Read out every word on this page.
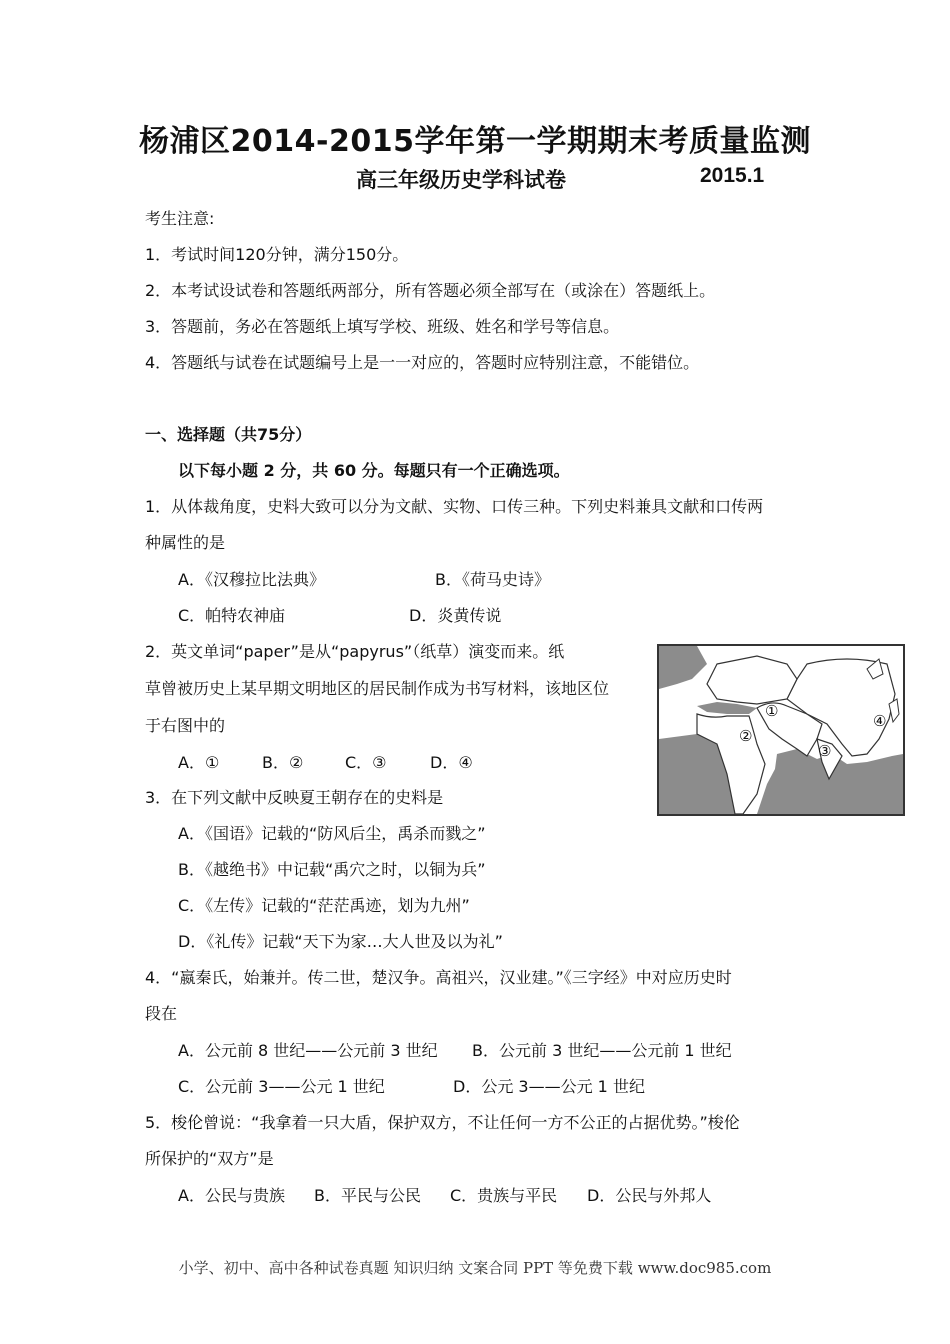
杨浦区2014-2015学年第一学期期末考质量监测
高三年级历史学科试卷	2015.1
考生注意:
1．考试时间120分钟，满分150分。
2．本考试设试卷和答题纸两部分，所有答题必须全部写在（或涂在）答题纸上。
3．答题前，务必在答题纸上填写学校、班级、姓名和学号等信息。
4．答题纸与试卷在试题编号上是一一对应的，答题时应特别注意，不能错位。
一、选择题（共75分）
以下每小题 2 分，共 60 分。每题只有一个正确选项。
1．从体裁角度，史料大致可以分为文献、实物、口传三种。下列史料兼具文献和口传两
种属性的是
A．《汉穆拉比法典》	B．《荷马史诗》
C．帕特农神庙	D．炎黄传说
2．英文单词“paper”是从“papyrus”（纸草）演变而来。纸
草曾被历史上某早期文明地区的居民制作成为书写材料，该地区位
于右图中的
A．①	B．②	C．③	D．④
①
②
③
④
3．在下列文献中反映夏王朝存在的史料是
A．《国语》记载的“防风后尘，禹杀而戮之”
B．《越绝书》中记载“禹穴之时，以铜为兵”
C．《左传》记载的“茫茫禹迹，划为九州”
D．《礼传》记载“天下为家…大人世及以为礼”
4．“嬴秦氏，始兼并。传二世，楚汉争。高祖兴，汉业建。”《三字经》中对应历史时
段在
A．公元前 8 世纪——公元前 3 世纪 B．公元前 3 世纪——公元前 1 世纪
C．公元前 3——公元 1 世纪	D．公元 3——公元 1 世纪
5．梭伦曾说：“我拿着一只大盾，保护双方，不让任何一方不公正的占据优势。”梭伦
所保护的“双方”是
A．公民与贵族 B．平民与公民 C．贵族与平民 D．公民与外邦人
小学、初中、高中各种试卷真题 知识归纳 文案合同 PPT 等免费下载 www.doc985.com
